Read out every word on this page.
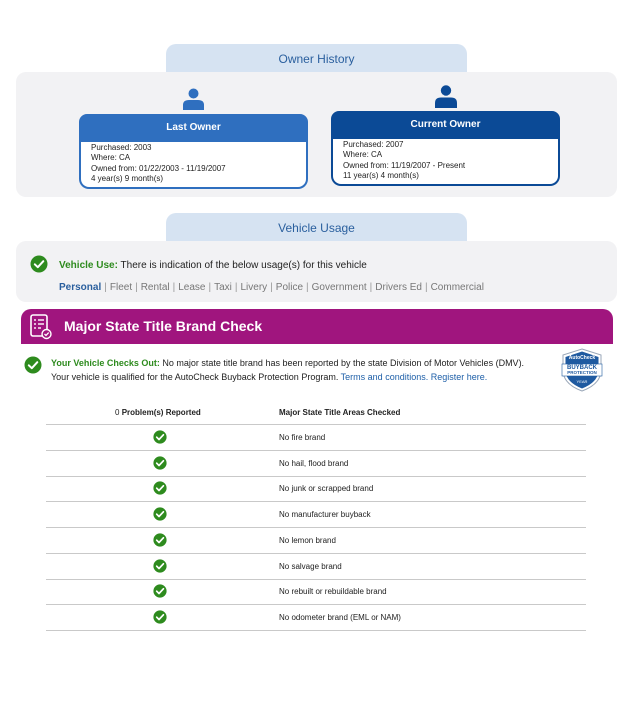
Owner History
Last Owner
Purchased: 2003
Where: CA
Owned from: 01/22/2003 - 11/19/2007
4 year(s) 9 month(s)
Current Owner
Purchased: 2007
Where: CA
Owned from: 11/19/2007 - Present
11 year(s) 4 month(s)
Vehicle Usage
Vehicle Use: There is indication of the below usage(s) for this vehicle
Personal | Fleet | Rental | Lease | Taxi | Livery | Police | Government | Drivers Ed | Commercial
Major State Title Brand Check
Your Vehicle Checks Out: No major state title brand has been reported by the state Division of Motor Vehicles (DMV).
Your vehicle is qualified for the AutoCheck Buyback Protection Program. Terms and conditions. Register here.
AutoCheck
BUYBACK
PROTECTION
YEAR
0 Problem(s) Reported	Major State Title Areas Checked
No fire brand
No hail, flood brand
No junk or scrapped brand
No manufacturer buyback
No lemon brand
No salvage brand
No rebuilt or rebuildable brand
No odometer brand (EML or NAM)
